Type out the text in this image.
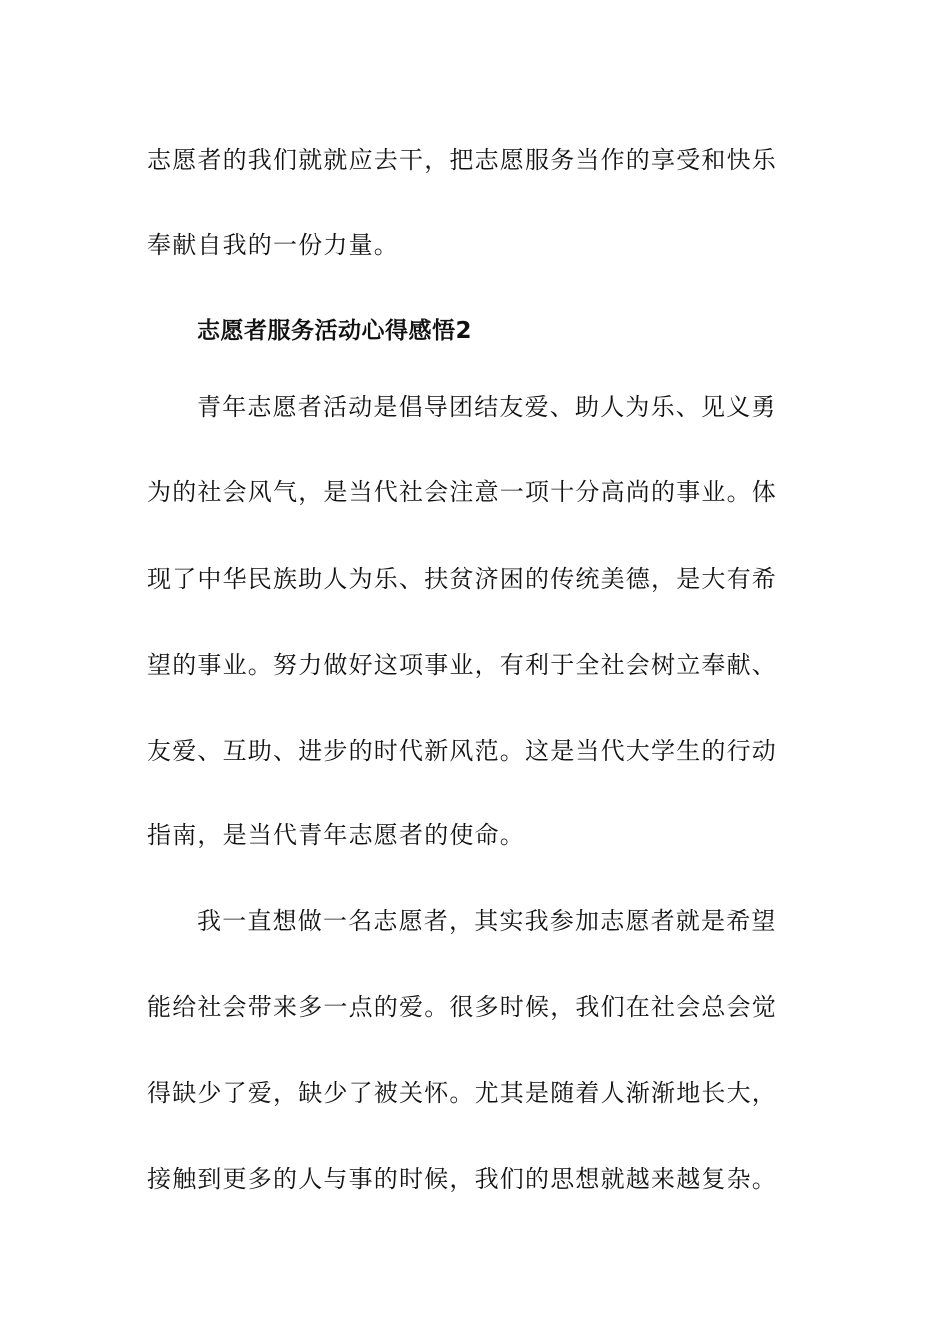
志愿者的我们就就应去干，把志愿服务当作的享受和快乐
奉献自我的一份力量。
志愿者服务活动心得感悟2
青年志愿者活动是倡导团结友爱、助人为乐、见义勇
为的社会风气，是当代社会注意一项十分高尚的事业。体
现了中华民族助人为乐、扶贫济困的传统美德，是大有希
望的事业。努力做好这项事业，有利于全社会树立奉献、
友爱、互助、进步的时代新风范。这是当代大学生的行动
指南，是当代青年志愿者的使命。
我一直想做一名志愿者，其实我参加志愿者就是希望
能给社会带来多一点的爱。很多时候，我们在社会总会觉
得缺少了爱，缺少了被关怀。尤其是随着人渐渐地长大，
接触到更多的人与事的时候，我们的思想就越来越复杂。
